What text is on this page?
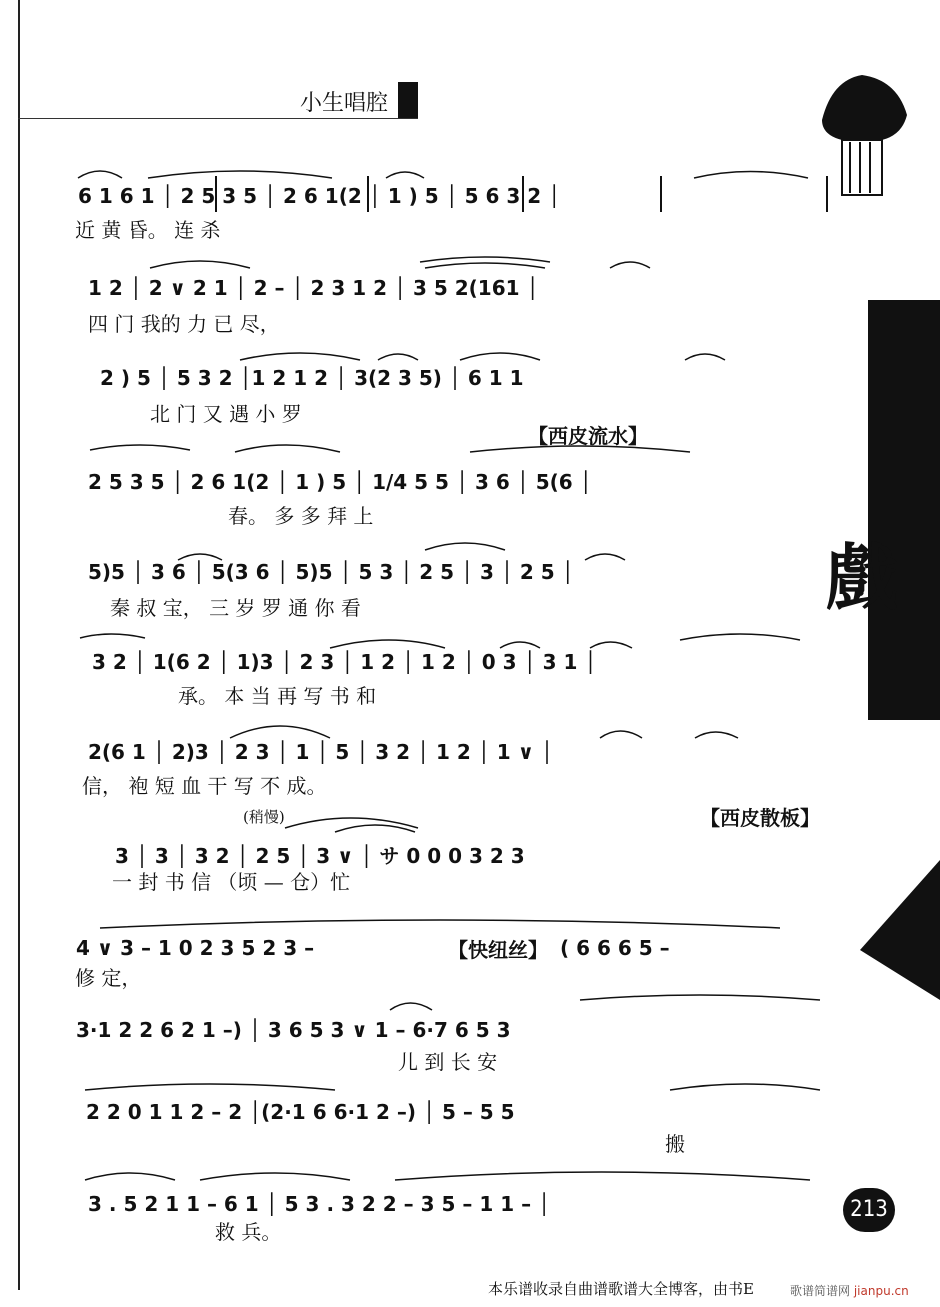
小生唱腔
戲
213
6 1 6 1 │ 2 5 3 5 │ 2 6 1(2 │ 1 ) 5 │ 5 6 3 2 │
近 黄 昏。 连 杀
1 2 │ 2 ∨ 2 1 │ 2 – │ 2 3 1 2 │ 3 5 2(161 │
四 门 我的 力 已 尽，
2 ) 5 │ 5 3 2 │1 2 1 2 │ 3(2 3 5) │ 6 1 1
北 门 又 遇 小 罗
【西皮流水】
2 5 3 5 │ 2 6 1(2 │ 1 ) 5 │ 1/4 5 5 │ 3 6 │ 5(6 │
春。 多 多 拜 上
5)5 │ 3 6 │ 5(3 6 │ 5)5 │ 5 3 │ 2 5 │ 3 │ 2 5 │
秦 叔 宝， 三 岁 罗 通 你 看
3 2 │ 1(6 2 │ 1)3 │ 2 3 │ 1 2 │ 1 2 │ 0 3 │ 3 1 │
承。 本 当 再 写 书 和
2(6 1 │ 2)3 │ 2 3 │ 1 │ 5 │ 3 2 │ 1 2 │ 1 ∨ │
信， 袍 短 血 干 写 不 成。
【西皮散板】
(稍慢)
3 │ 3 │ 3 2 │ 2 5 │ 3 ∨ │ サ 0 0 0 3 2 3
一 封 书 信 （顷 — 仓）忙
4 ∨ 3 – 1 0 2 3 5 2 3 –	【快纽丝】 ( 6 6 6 5 –
修 定，
3·1 2 2 6 2 1 –) │ 3 6 5 3 ∨ 1 – 6·7 6 5 3
儿 到 长 安
2 2 0 1 1 2 – 2 │(2·1 6 6·1 2 –) │ 5 – 5 5
搬
3 . 5 2 1 1 – 6 1 │ 5 3 . 3 2 2 – 3 5 – 1 1 – │
救 兵。
本乐谱收录自曲谱歌谱大全博客，由书E	歌谱简谱网 jianpu.cn
